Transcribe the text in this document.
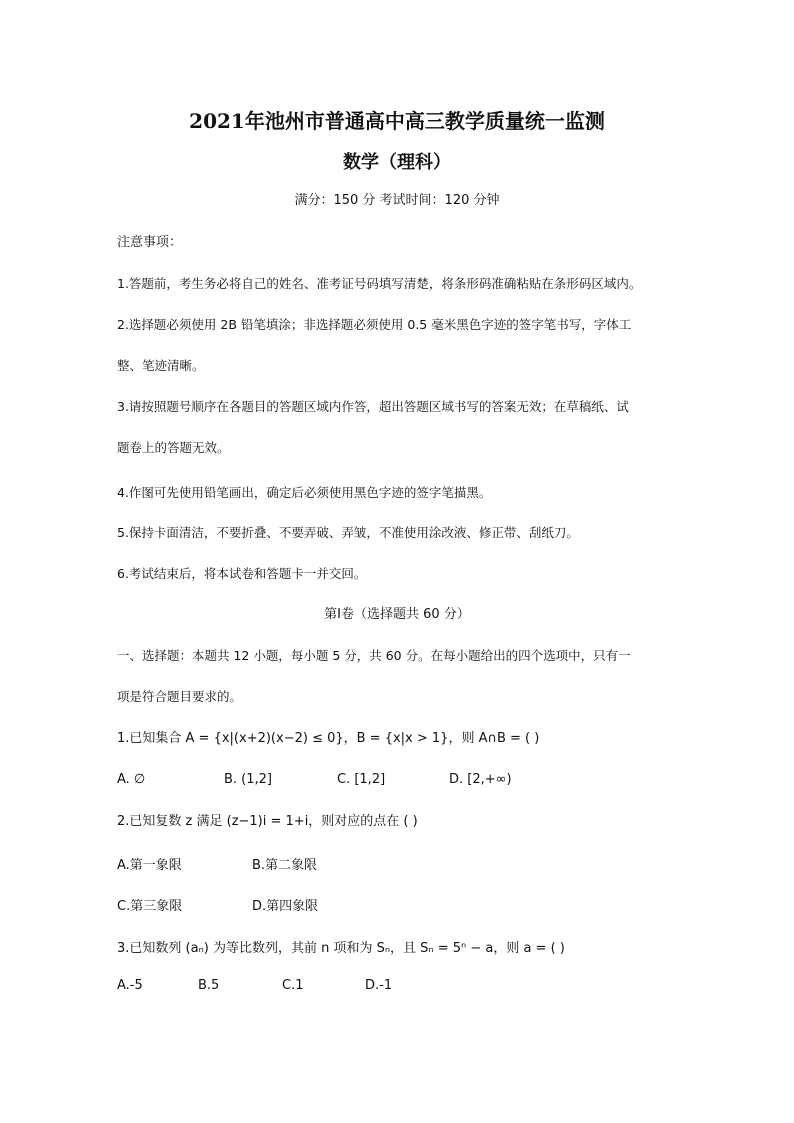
2021年池州市普通高中高三教学质量统一监测
数学（理科）
满分：150 分 考试时间：120 分钟
注意事项：
1.答题前，考生务必将自己的姓名、准考证号码填写清楚，将条形码准确粘贴在条形码区域内。
2.选择题必须使用 2B 铅笔填涂；非选择题必须使用 0.5 毫米黑色字迹的签字笔书写，字体工
整、笔迹清晰。
3.请按照题号顺序在各题目的答题区域内作答，超出答题区域书写的答案无效；在草稿纸、试
题卷上的答题无效。
4.作图可先使用铅笔画出，确定后必须使用黑色字迹的签字笔描黑。
5.保持卡面清洁，不要折叠、不要弄破、弄皱，不准使用涂改液、修正带、刮纸刀。
6.考试结束后，将本试卷和答题卡一并交回。
第Ⅰ卷（选择题共 60 分）
一、选择题：本题共 12 小题，每小题 5 分，共 60 分。在每小题给出的四个选项中，只有一
项是符合题目要求的。
1.已知集合 A = {x|(x+2)(x−2) ≤ 0}，B = {x|x > 1}，则 A∩B = ( )
A. ∅	B. (1,2]	C. [1,2]	D. [2,+∞)
2.已知复数 z 满足 (z−1)i = 1+i，则对应的点在 ( )
A.第一象限	B.第二象限
C.第三象限	D.第四象限
3.已知数列 (aₙ) 为等比数列，其前 n 项和为 Sₙ，且 Sₙ = 5ⁿ − a，则 a = ( )
A.-5	B.5	C.1	D.-1
